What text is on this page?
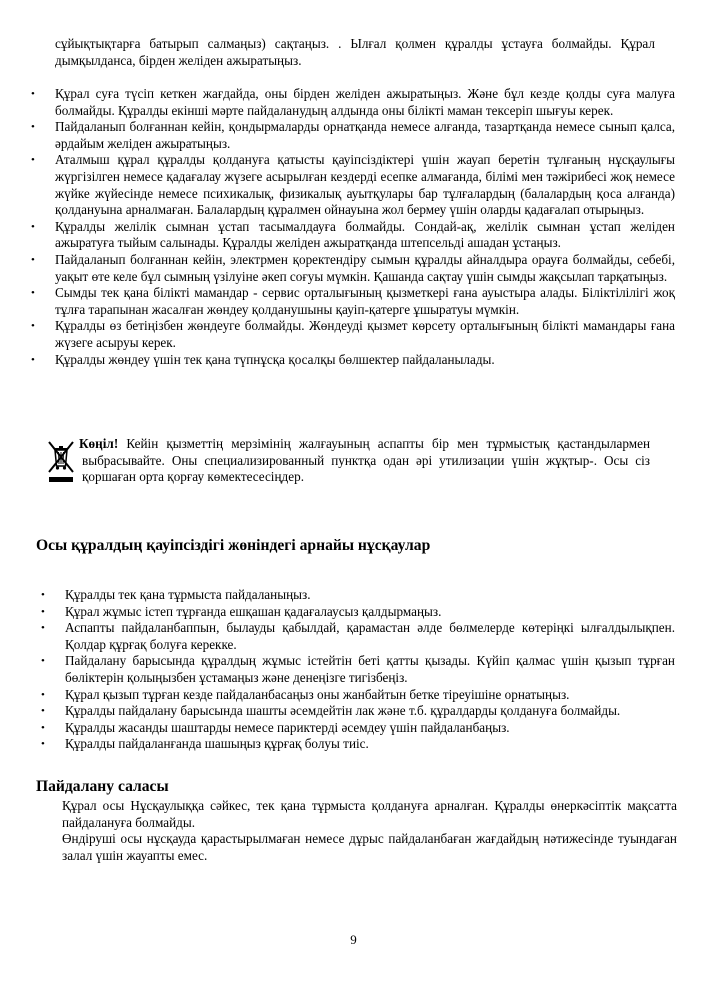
сұйықтықтарға батырып салмаңыз) сақтаңыз. . Ылғал қолмен құралды ұстауға болмайды. Құрал дымқылданса, бірден желіден ажыратыңыз.
• Құрал суға түсіп кеткен жағдайда, оны бірден желіден ажыратыңыз. Және бұл кезде қолды суға малуға болмайды. Құралды екінші мәрте пайдаланудың алдында оны білікті маман тексеріп шығуы керек.
• Пайдаланып болғаннан кейін, қондырмаларды орнатқанда немесе алғанда, тазартқанда немесе сынып қалса, әрдайым желіден ажыратыңыз.
• Аталмыш құрал құралды қолдануға қатысты қауіпсіздіктері үшін жауап беретін тұлғаның нұсқаулығы жүргізілген немесе қадағалау жүзеге асырылған кездерді есепке алмағанда, білімі мен тәжірибесі жоқ немесе жүйке жүйесінде немесе психикалық, физикалық ауытқулары бар тұлғалардың (балалардың қоса алғанда) қолдануына арналмаған. Балалардың құралмен ойнауына жол бермеу үшін оларды қадағалап отырыңыз.
• Құралды желілік сымнан ұстап тасымалдауға болмайды. Сондай-ақ, желілік сымнан ұстап желіден ажыратуға тыйым салынады. Құралды желіден ажыратқанда штепсельді ашадан ұстаңыз.
• Пайдаланып болғаннан кейін, электрмен қоректендіру сымын құралды айналдыра орауға болмайды, себебі, уақыт өте келе бұл сымның үзілуіне әкеп соғуы мүмкін. Қашанда сақтау үшін сымды жақсылап тарқатыңыз.
• Сымды тек қана білікті мамандар - сервис орталығының қызметкері ғана ауыстыра алады. Біліктілілігі жоқ тұлға тарапынан жасалған жөндеу қолданушыны қауіп-қатерге ұшыратуы мүмкін.
• Құралды өз бетіңізбен жөндеуге болмайды. Жөндеуді қызмет көрсету орталығының білікті мамандары ғана жүзеге асыруы керек.
• Құралды жөндеу үшін тек қана түпнұсқа қосалқы бөлшектер пайдаланылады.
Көңіл! Кейін қызметтің мерзімінің жалғауының аспапты бір мен тұрмыстық қастандылармен выбрасывайте. Оны специализированный пунктқа одан әрі утилизации үшін жұқтыр-. Осы сіз қоршаған орта қорғау көмектесесіңдер.
Осы құралдың қауіпсіздігі жөніндегі арнайы нұсқаулар
• Құралды тек қана тұрмыста пайдаланыңыз.
• Құрал жұмыс істеп тұрғанда ешқашан қадағалаусыз қалдырмаңыз.
• Аспапты пайдаланбаппын, былауды қабылдай, қарамастан әлде бөлмелерде көтеріңкі ылғалдылықпен. Қолдар құрғақ болуға керекке.
• Пайдалану барысында құралдың жұмыс істейтін беті қатты қызады. Күйіп қалмас үшін қызып тұрған бөліктерін қолыңызбен ұстамаңыз және денеңізге тигізбеңіз.
• Құрал қызып тұрған кезде пайдаланбасаңыз оны жанбайтын бетке тіреуішіне орнатыңыз.
• Құралды пайдалану барысында шашты әсемдейтін лак және т.б. құралдарды қолдануға болмайды.
• Құралды жасанды шаштарды немесе париктерді әсемдеу үшін пайдаланбаңыз.
• Құралды пайдаланғанда шашыңыз құрғақ болуы тиіс.
Пайдалану саласы

Құрал осы Нұсқаулыққа сәйкес, тек қана тұрмыста қолдануға арналған. Құралды өнеркәсіптік мақсатта пайдалануға болмайды.

Өндіруші осы нұсқауда қарастырылмаған немесе дұрыс пайдаланбаған жағдайдың нәтижесінде туындаған залал үшін жауапты емес.

9
